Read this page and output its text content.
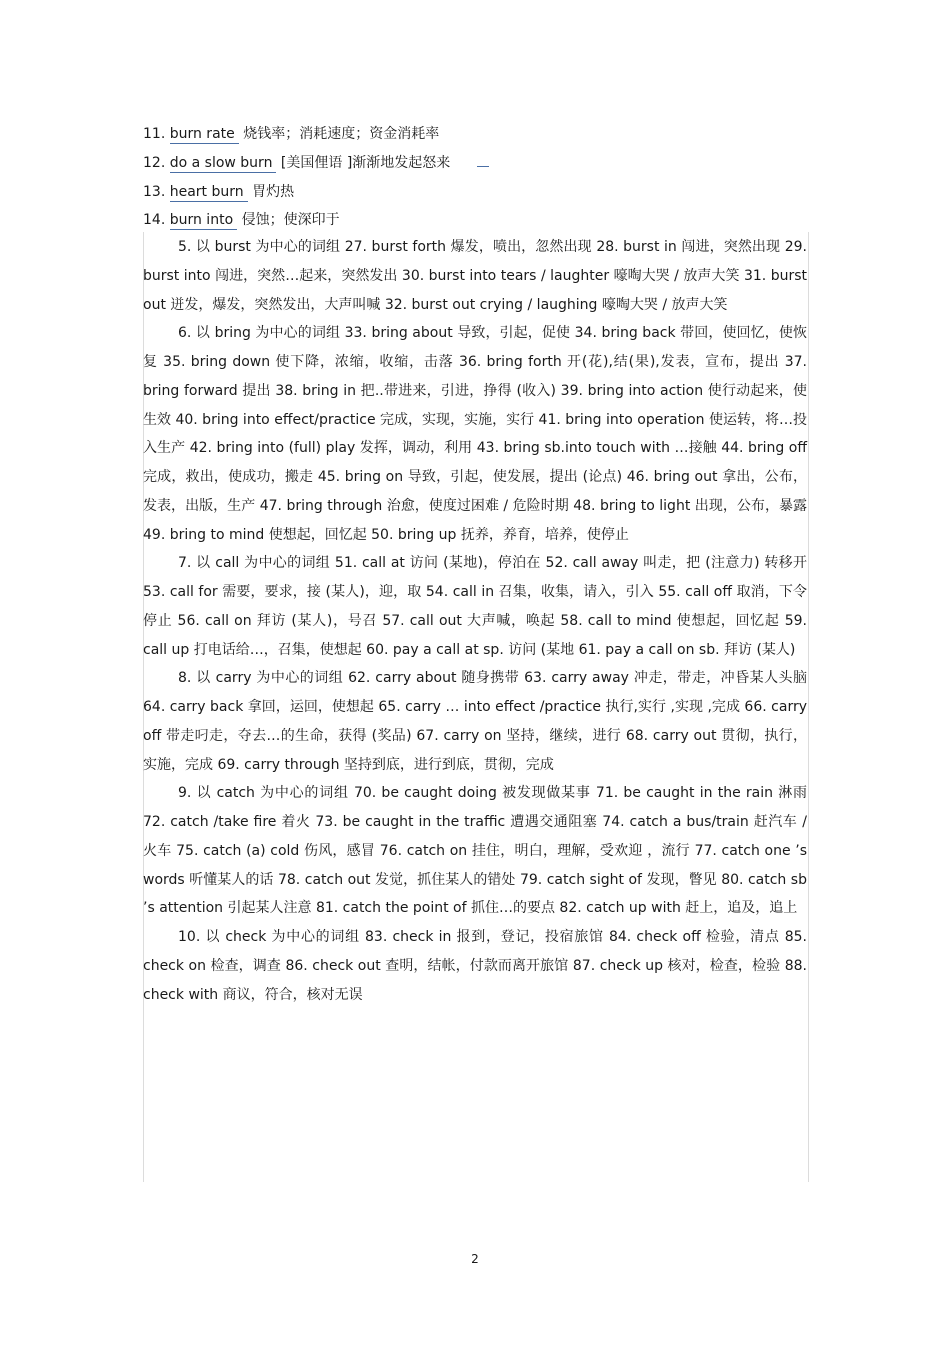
11. burn rate 烧钱率；消耗速度；资金消耗率
12. do a slow burn [美国俚语 ]渐渐地发起怒来
13. heart burn 胃灼热
14. burn into 侵蚀；使深印于

5. 以 burst 为中心的词组 27. burst forth 爆发，喷出，忽然出现 28. burst in 闯进，突然出现 29. burst into 闯进，突然…起来，突然发出 30. burst into tears / laughter 嚎啕大哭 / 放声大笑 31. burst out 迸发，爆发，突然发出，大声叫喊 32. burst out crying / laughing 嚎啕大哭 / 放声大笑

6. 以 bring 为中心的词组 33. bring about 导致，引起，促使 34. bring back 带回，使回忆，使恢复 35. bring down 使下降，浓缩，收缩，击落 36. bring forth 开(花),结(果),发表，宣布，提出 37. bring forward 提出 38. bring in 把..带进来，引进，挣得 (收入) 39. bring into action 使行动起来，使生效 40. bring into effect/practice 完成，实现，实施，实行 41. bring into operation 使运转，将…投入生产 42. bring into (full) play 发挥，调动，利用 43. bring sb.into touch with …接触 44. bring off 完成，救出，使成功，搬走 45. bring on 导致，引起，使发展，提出 (论点) 46. bring out 拿出，公布，发表，出版，生产 47. bring through 治愈，使度过困难 / 危险时期 48. bring to light 出现，公布，暴露 49. bring to mind 使想起，回忆起 50. bring up 抚养，养育，培养，使停止

7. 以 call 为中心的词组 51. call at 访问 (某地)，停泊在 52. call away 叫走，把 (注意力) 转移开 53. call for 需要，要求，接 (某人)，迎，取 54. call in 召集，收集，请入，引入 55. call off 取消，下令停止 56. call on 拜访 (某人)，号召 57. call out 大声喊，唤起 58. call to mind 使想起，回忆起 59. call up 打电话给…，召集，使想起 60. pay a call at sp. 访问 (某地 61. pay a call on sb. 拜访 (某人)

8. 以 carry 为中心的词组 62. carry about 随身携带 63. carry away 冲走，带走，冲昏某人头脑 64. carry back 拿回，运回，使想起 65. carry … into effect /practice 执行,实行 ,实现 ,完成 66. carry off 带走叼走，夺去…的生命，获得 (奖品) 67. carry on 坚持，继续，进行 68. carry out 贯彻，执行，实施，完成 69. carry through 坚持到底，进行到底，贯彻，完成

9. 以 catch 为中心的词组 70. be caught doing 被发现做某事 71. be caught in the rain 淋雨 72. catch /take fire 着火 73. be caught in the traffic 遭遇交通阻塞 74. catch a bus/train 赶汽车 / 火车 75. catch (a) cold 伤风，感冒 76. catch on 挂住，明白，理解，受欢迎 ，流行 77. catch one ’s words 听懂某人的话 78. catch out 发觉，抓住某人的错处 79. catch sight of 发现，瞥见 80. catch sb ’s attention 引起某人注意 81. catch the point of 抓住…的要点 82. catch up with 赶上，追及，追上

10. 以 check 为中心的词组 83. check in 报到，登记，投宿旅馆 84. check off 检验，清点 85. check on 检查，调查 86. check out 查明，结帐，付款而离开旅馆 87. check up 核对，检查，检验 88. check with 商议，符合，核对无误

2
